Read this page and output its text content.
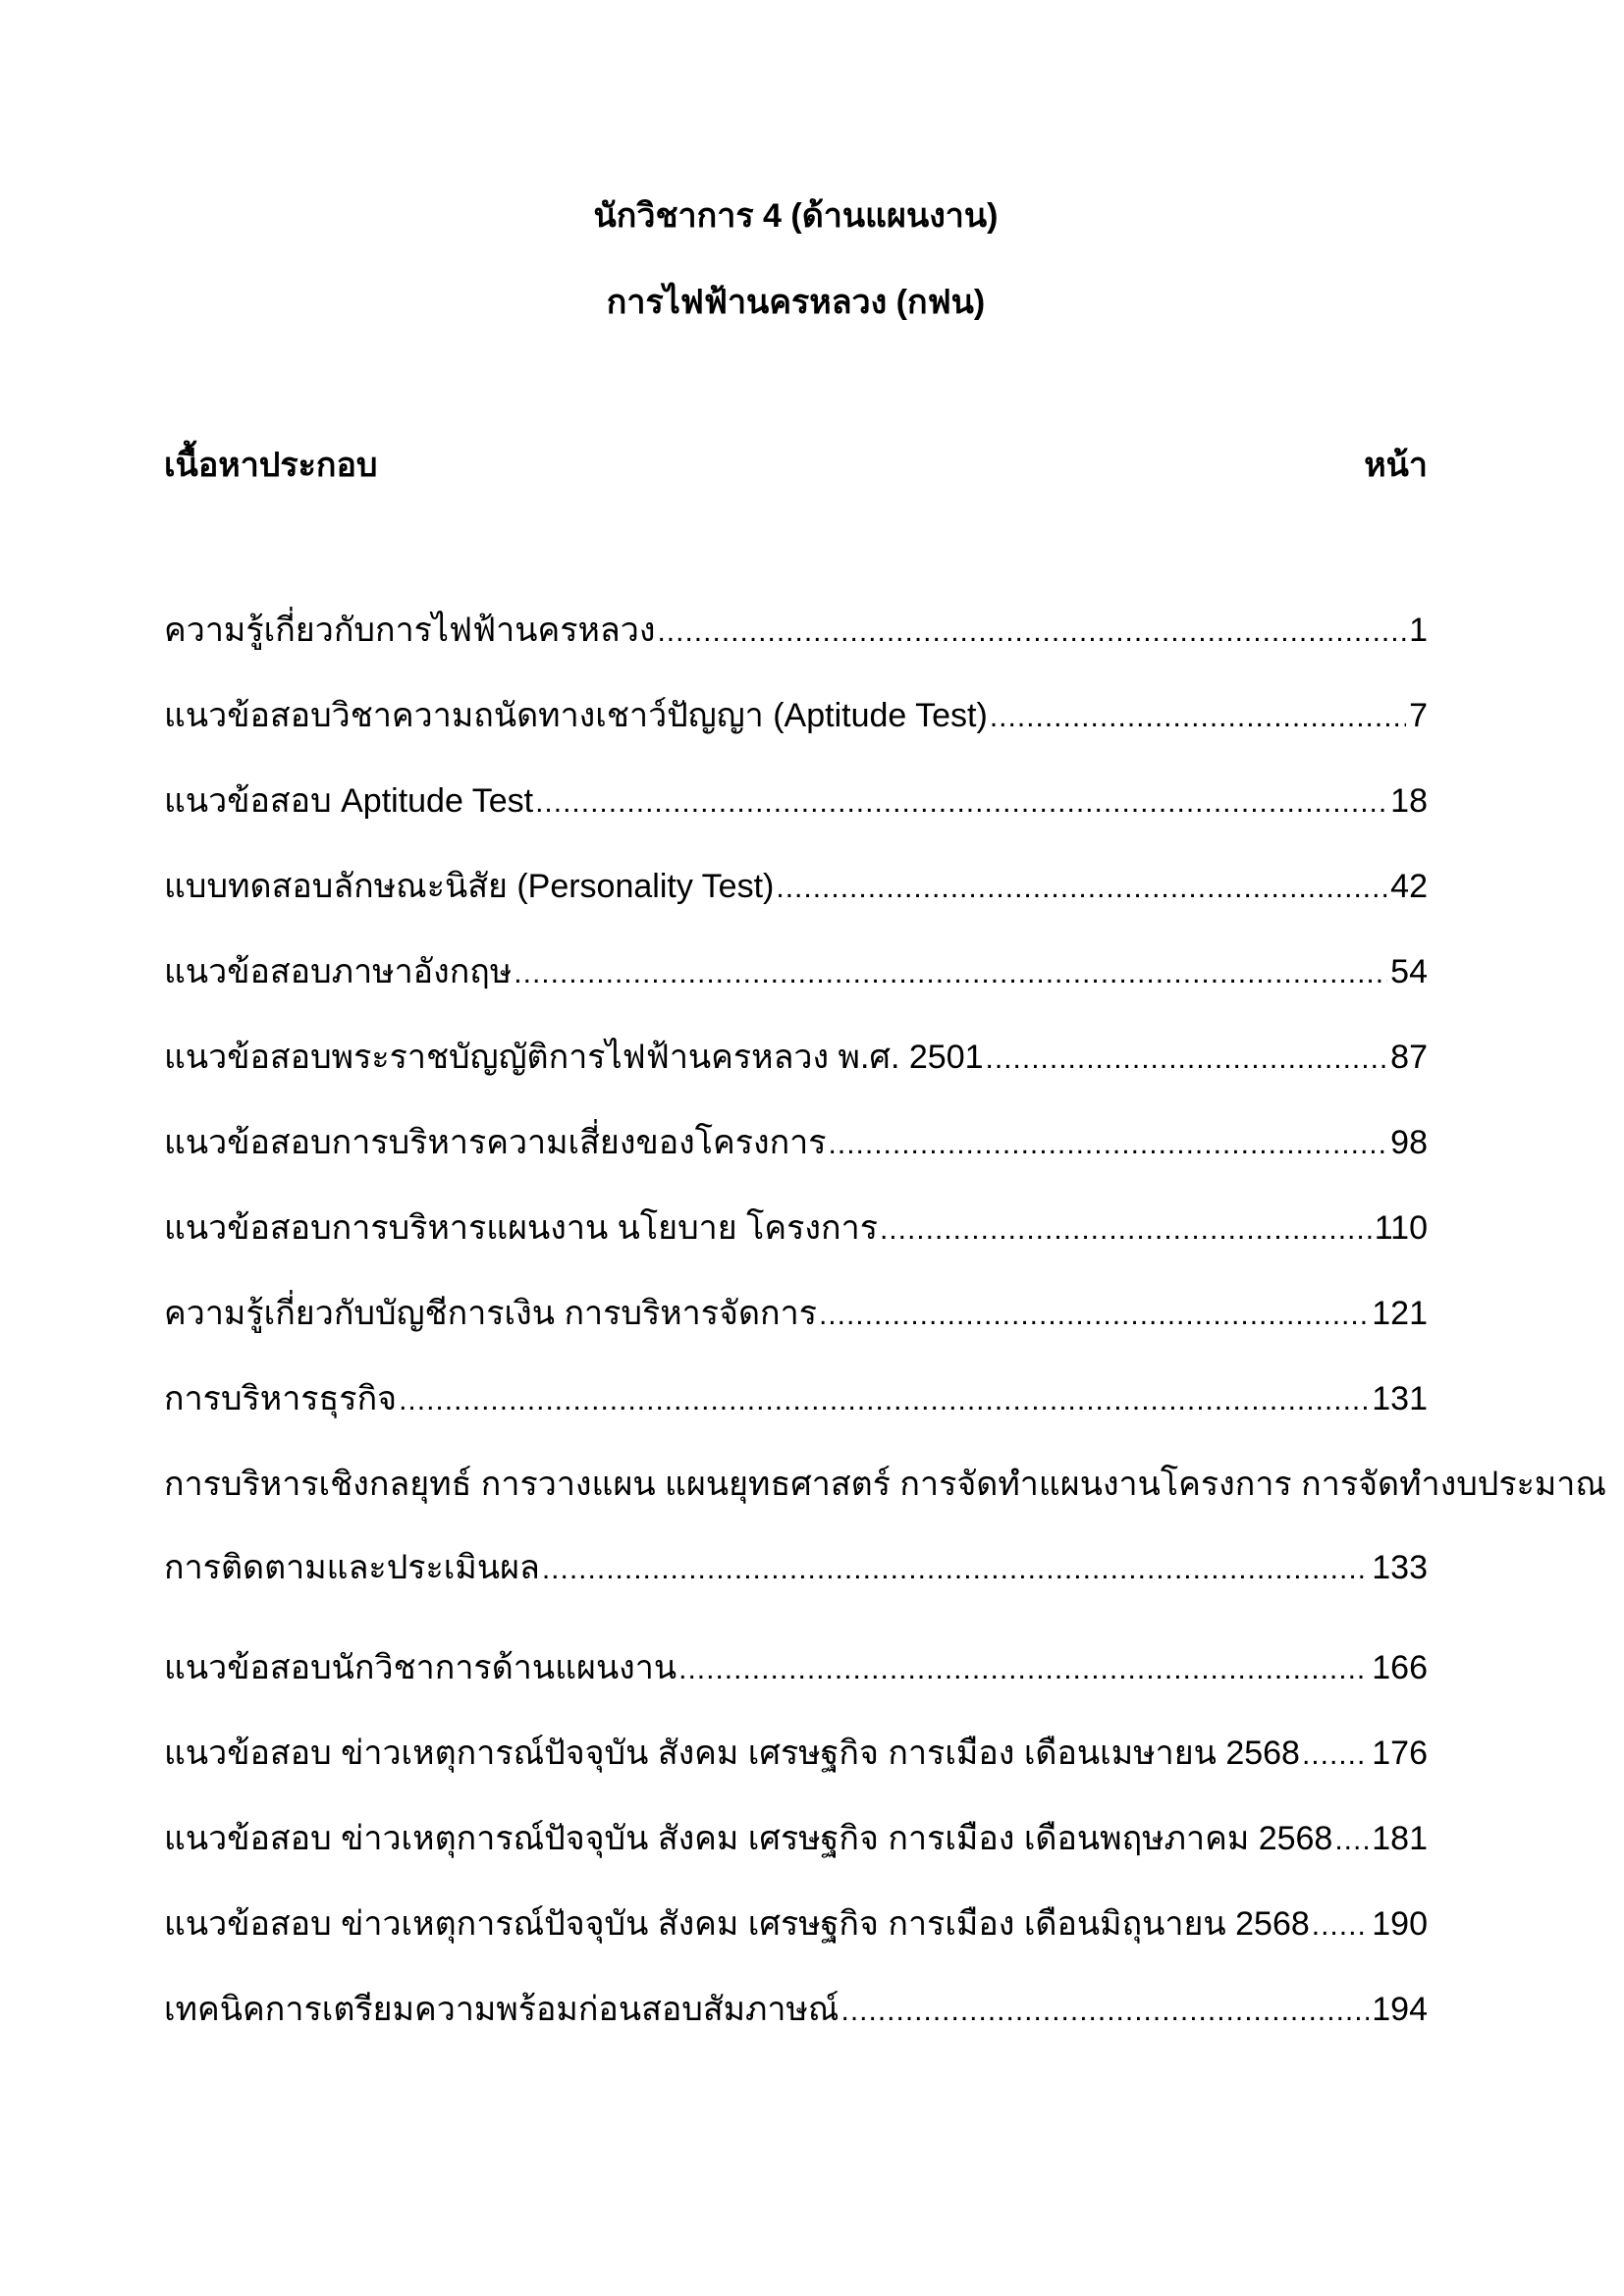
นักวิชาการ 4 (ด้านแผนงาน)
การไฟฟ้านครหลวง (กฟน)
เนื้อหาประกอบ	หน้า
ความรู้เกี่ยวกับการไฟฟ้านครหลวง .....	1
แนวข้อสอบวิชาความถนัดทางเชาว์ปัญญา (Aptitude Test) .....	7
แนวข้อสอบ Aptitude Test .....	18
แบบทดสอบลักษณะนิสัย (Personality Test) .....	42
แนวข้อสอบภาษาอังกฤษ .....	54
แนวข้อสอบพระราชบัญญัติการไฟฟ้านครหลวง พ.ศ. 2501 .....	87
แนวข้อสอบการบริหารความเสี่ยงของโครงการ .....	98
แนวข้อสอบการบริหารแผนงาน นโยบาย โครงการ .....	110
ความรู้เกี่ยวกับบัญชีการเงิน การบริหารจัดการ .....	121
การบริหารธุรกิจ .....	131
การบริหารเชิงกลยุทธ์ การวางแผน แผนยุทธศาสตร์ การจัดทำแผนงานโครงการ การจัดทำงบประมาณ
การติดตามและประเมินผล .....	133
แนวข้อสอบนักวิชาการด้านแผนงาน .....	166
แนวข้อสอบ ข่าวเหตุการณ์ปัจจุบัน สังคม เศรษฐกิจ การเมือง เดือนเมษายน 2568 ..... 176
แนวข้อสอบ ข่าวเหตุการณ์ปัจจุบัน สังคม เศรษฐกิจ การเมือง เดือนพฤษภาคม 2568 ..... 181
แนวข้อสอบ ข่าวเหตุการณ์ปัจจุบัน สังคม เศรษฐกิจ การเมือง เดือนมิถุนายน 2568 ..... 190
เทคนิคการเตรียมความพร้อมก่อนสอบสัมภาษณ์ .....	194
